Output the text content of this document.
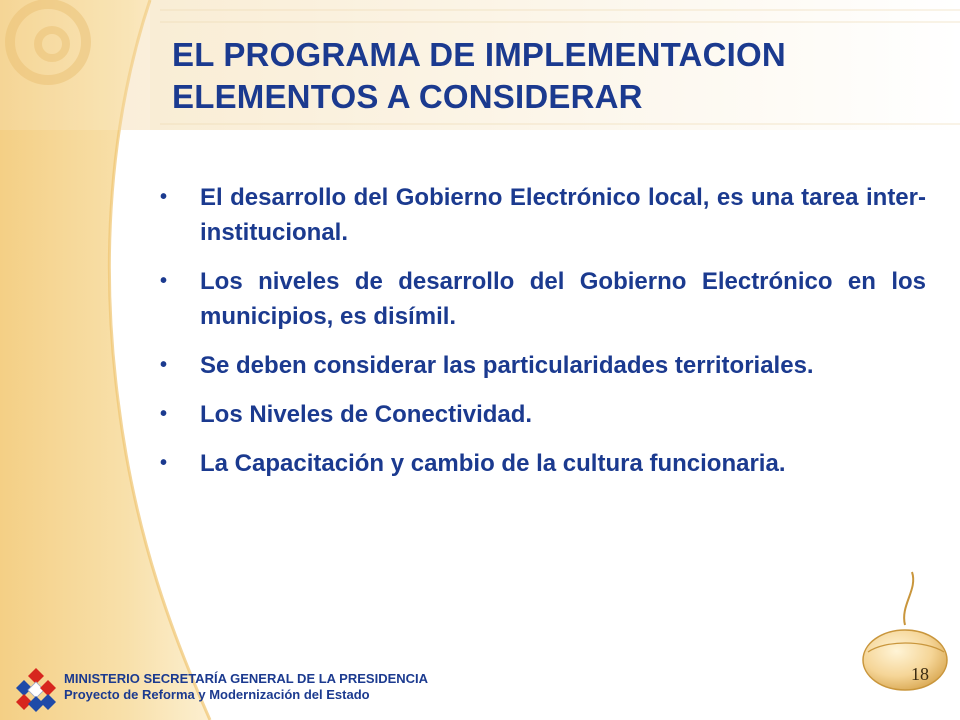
EL PROGRAMA DE IMPLEMENTACION
ELEMENTOS A CONSIDERAR
• El desarrollo del Gobierno Electrónico local, es una tarea inter-institucional.
• Los niveles de desarrollo del Gobierno Electrónico en los municipios, es disímil.
• Se deben considerar las particularidades territoriales.
• Los Niveles de Conectividad.
• La Capacitación y cambio de la cultura funcionaria.
MINISTERIO SECRETARÍA GENERAL DE LA PRESIDENCIA
Proyecto de Reforma y Modernización del Estado
18
